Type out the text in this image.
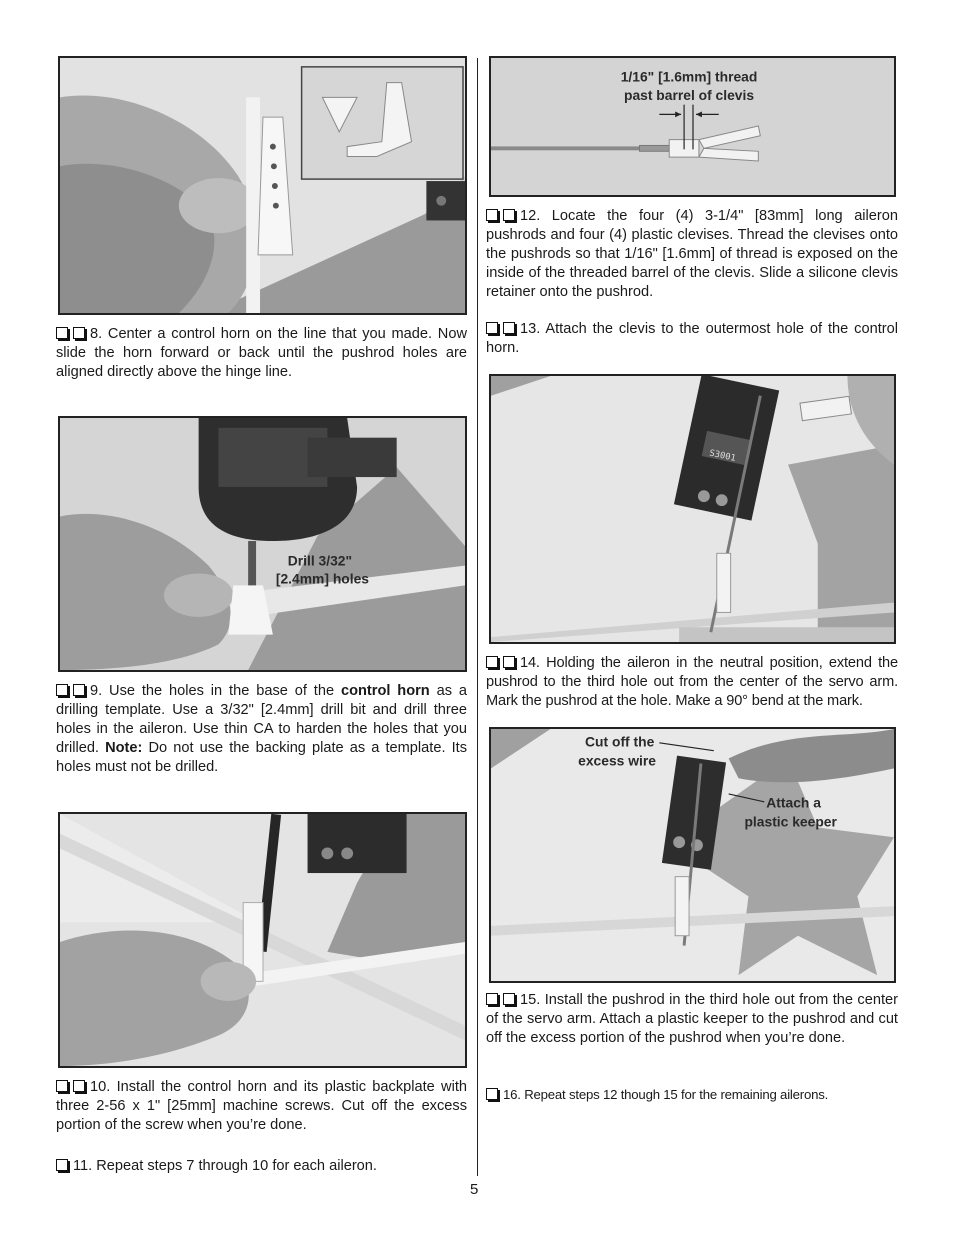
8. Center a control horn on the line that you made. Now slide the horn forward or back until the pushrod holes are aligned directly above the hinge line.
Drill 3/32"
[2.4mm] holes
9. Use the holes in the base of the control horn as a drilling template. Use a 3/32" [2.4mm] drill bit and drill three holes in the aileron. Use thin CA to harden the holes that you drilled. Note: Do not use the backing plate as a template. Its holes must not be drilled.
10. Install the control horn and its plastic backplate with three 2-56 x 1" [25mm] machine screws. Cut off the excess portion of the screw when you’re done.
11. Repeat steps 7 through 10 for each aileron.
1/16" [1.6mm] thread
past barrel of clevis
12. Locate the four (4) 3-1/4" [83mm] long aileron pushrods and four (4) plastic clevises. Thread the clevises onto the pushrods so that 1/16" [1.6mm] of thread is exposed on the inside of the threaded barrel of the clevis. Slide a silicone clevis retainer onto the pushrod.
13. Attach the clevis to the outermost hole of the control horn.
S3001
14. Holding the aileron in the neutral position, extend the pushrod to the third hole out from the center of the servo arm. Mark the pushrod at the hole. Make a 90° bend at the mark.
Cut off the
excess wire
Attach a
plastic keeper
15. Install the pushrod in the third hole out from the center of the servo arm. Attach a plastic keeper to the pushrod and cut off the excess portion of the pushrod when you’re done.
16. Repeat steps 12 though 15 for the remaining ailerons.
5
